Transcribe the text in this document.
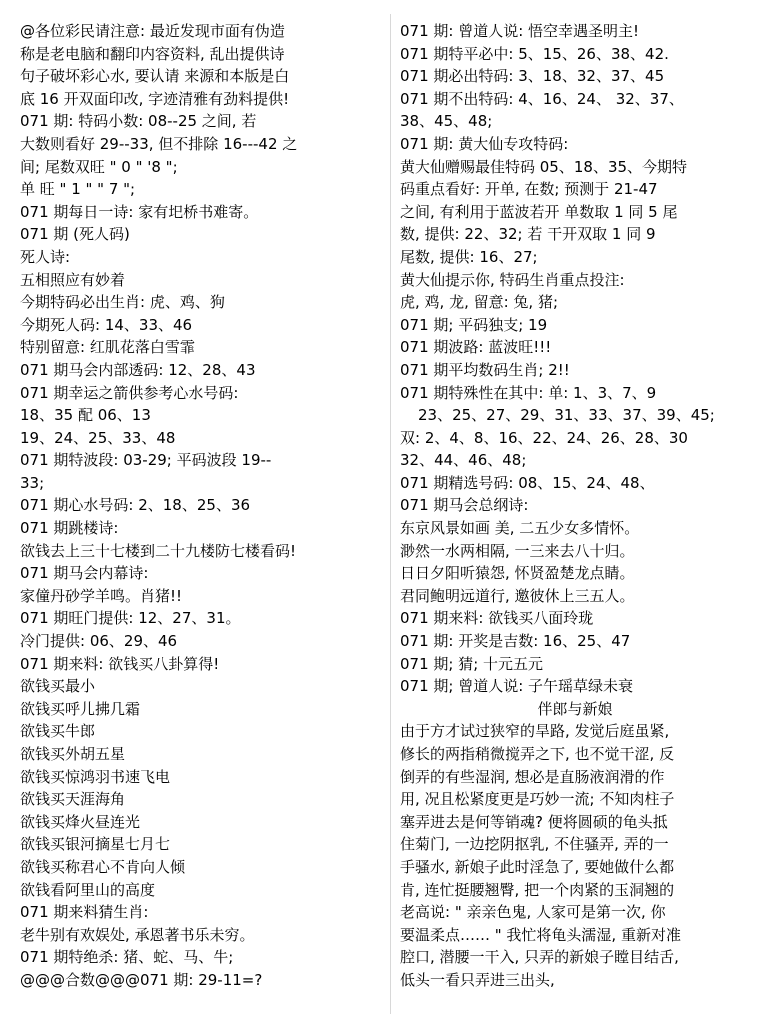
@各位彩民请注意: 最近发现市面有伪造
称是老电脑和翻印内容资料, 乱出提供诗
句子破坏彩心水, 要认请 来源和本版是白
底 16 开双面印改, 字迹清雅有劲料提供!
071 期: 特码小数: 08--25 之间, 若
大数则看好 29--33, 但不排除 16---42 之
间; 尾数双旺 " 0 " '8 ";
单 旺 " 1 " " 7 ";
071 期每日一诗: 家有圯桥书难寄。
071 期 (死人码)
死人诗:
五相照应有妙着
今期特码必出生肖: 虎、鸡、狗
今期死人码: 14、33、46
特别留意: 红肌花落白雪霏
071 期马会内部透码: 12、28、43
071 期幸运之箭供参考心水号码:
18、35 配 06、13
19、24、25、33、48
071 期特波段: 03-29; 平码波段 19--
33;
071 期心水号码: 2、18、25、36
071 期跳楼诗:
欲钱去上三十七楼到二十九楼防七楼看码!
071 期马会内幕诗:
家僮丹砂学羊鸣。肖猪!!
071 期旺门提供: 12、27、31。
冷门提供: 06、29、46
071 期来料: 欲钱买八卦算得!
欲钱买最小
欲钱买呼儿拂几霜
欲钱买牛郎
欲钱买外胡五星
欲钱买惊鸿羽书速飞电
欲钱买天涯海角
欲钱买烽火昼连光
欲钱买银河摘星七月七
欲钱买称君心不肯向人倾
欲钱看阿里山的高度
071 期来料猜生肖:
老牛别有欢娱处, 承恩著书乐未穷。
071 期特绝杀: 猪、蛇、马、牛;
@@@合数@@@071 期: 29-11=?
071 期: 曾道人说: 悟空幸遇圣明主!
071 期特平必中: 5、15、26、38、42.
071 期必出特码: 3、18、32、37、45
071 期不出特码: 4、16、24、 32、37、
38、45、48;
071 期: 黄大仙专攻特码:
黄大仙赠赐最佳特码 05、18、35、今期特
码重点看好: 开单, 在数; 预测于 21-47
之间, 有利用于蓝波若开 单数取 1 同 5 尾
数, 提供: 22、32; 若 干开双取 1 同 9
尾数, 提供: 16、27;
黄大仙提示你, 特码生肖重点投注:
虎, 鸡, 龙, 留意: 兔, 猪;
071 期; 平码独支; 19
071 期波路: 蓝波旺!!!
071 期平均数码生肖; 2!!
071 期特殊性在其中: 单: 1、3、7、9
23、25、27、29、31、33、37、39、45;
双: 2、4、8、16、22、24、26、28、30
32、44、46、48;
071 期精选号码: 08、15、24、48、
071 期马会总纲诗:
东京风景如画 美, 二五少女多情怀。
渺然一水两相隔, 一三来去八十归。
日日夕阳听猿怨, 怀贤盈楚龙点睛。
君同鲍明远道行, 邀彼休上三五人。
071 期来料: 欲钱买八面玲珑
071 期: 开奖是吉数: 16、25、47
071 期; 猜; 十元五元
071 期; 曾道人说: 子午瑶草绿未衰
伴郎与新娘
由于方才试过狭窄的旱路, 发觉后庭虽紧,
修长的两指稍微搅弄之下, 也不觉干涩, 反
倒弄的有些湿润, 想必是直肠液润滑的作
用, 况且松紧度更是巧妙一流; 不知肉柱子
塞弄进去是何等销魂? 便将圆硕的龟头抵
住菊门, 一边挖阴抠乳, 不住骚弄, 弄的一
手骚水, 新娘子此时淫急了, 要她做什么都
肯, 连忙挺腰翘臀, 把一个肉紧的玉洞翘的
老高说: " 亲亲色鬼, 人家可是第一次, 你
要温柔点…… " 我忙将龟头濡湿, 重新对准
腔口, 潜腰一干入, 只弄的新娘子瞠目结舌,
低头一看只弄进三出头,
